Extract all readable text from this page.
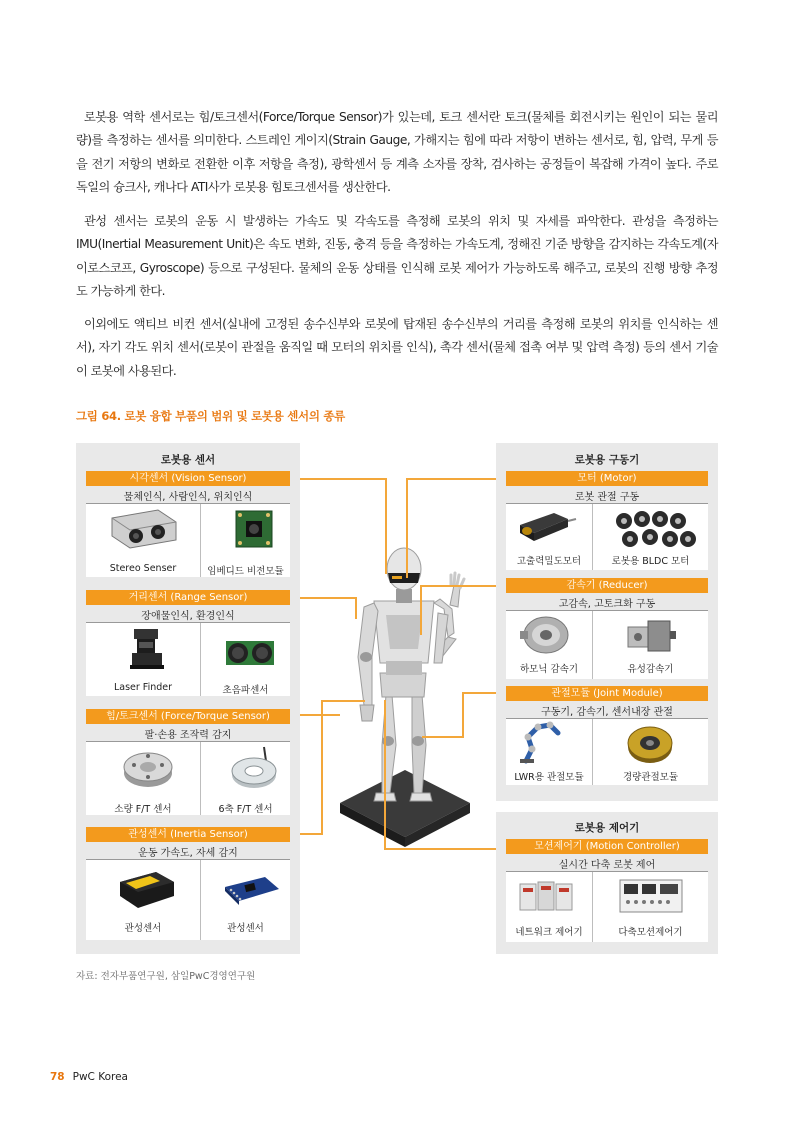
로봇용 역학 센서로는 힘/토크센서(Force/Torque Sensor)가 있는데, 토크 센서란 토크(물체를 회전시키는 원인이 되는 물리량)를 측정하는 센서를 의미한다. 스트레인 게이지(Strain Gauge, 가해지는 힘에 따라 저항이 변하는 센서로, 힘, 압력, 무게 등을 전기 저항의 변화로 전환한 이후 저항을 측정), 광학센서 등 계측 소자를 장착, 검사하는 공정들이 복잡해 가격이 높다. 주로 독일의 슝크사, 캐나다 ATI사가 로봇용 힘토크센서를 생산한다.

관성 센서는 로봇의 운동 시 발생하는 가속도 및 각속도를 측정해 로봇의 위치 및 자세를 파악한다. 관성을 측정하는 IMU(Inertial Measurement Unit)은 속도 변화, 진동, 충격 등을 측정하는 가속도계, 정해진 기준 방향을 감지하는 각속도계(자이로스코프, Gyroscope) 등으로 구성된다. 물체의 운동 상태를 인식해 로봇 제어가 가능하도록 해주고, 로봇의 진행 방향 추정도 가능하게 한다.

이외에도 액티브 비컨 센서(실내에 고정된 송수신부와 로봇에 탑재된 송수신부의 거리를 측정해 로봇의 위치를 인식하는 센서), 자기 각도 위치 센서(로봇이 관절을 움직일 때 모터의 위치를 인식), 촉각 센서(물체 접촉 여부 및 압력 측정) 등의 센서 기술이 로봇에 사용된다.

그림 64. 로봇 융합 부품의 범위 및 로봇용 센서의 종류
로봇용 센서
시각센서 (Vision Sensor)
물체인식, 사람인식, 위치인식
Stereo Senser	임베디드 비전모듈
거리센서 (Range Sensor)
장애물인식, 환경인식
Laser Finder	초음파센서
힘/토크센서 (Force/Torque Sensor)
팔·손용 조작력 감지
소량 F/T 센서	6축 F/T 센서
관성센서 (Inertia Sensor)
운동 가속도, 자세 감지
관성센서	관성센서
로봇용 구동기
모터 (Motor)
로봇 관절 구동
고출력밀도모터	로봇용 BLDC 모터
감속기 (Reducer)
고감속, 고토크화 구동
하모닉 감속기	유성감속기
관절모듈 (Joint Module)
구동기, 감속기, 센서내장 관절
LWR용 관절모듈	경량관절모듈
로봇용 제어기
모션제어기 (Motion Controller)
실시간 다축 로봇 제어
네트워크 제어기	다축모션제어기
자료: 전자부품연구원, 삼일PwC경영연구원
78 PwC Korea
